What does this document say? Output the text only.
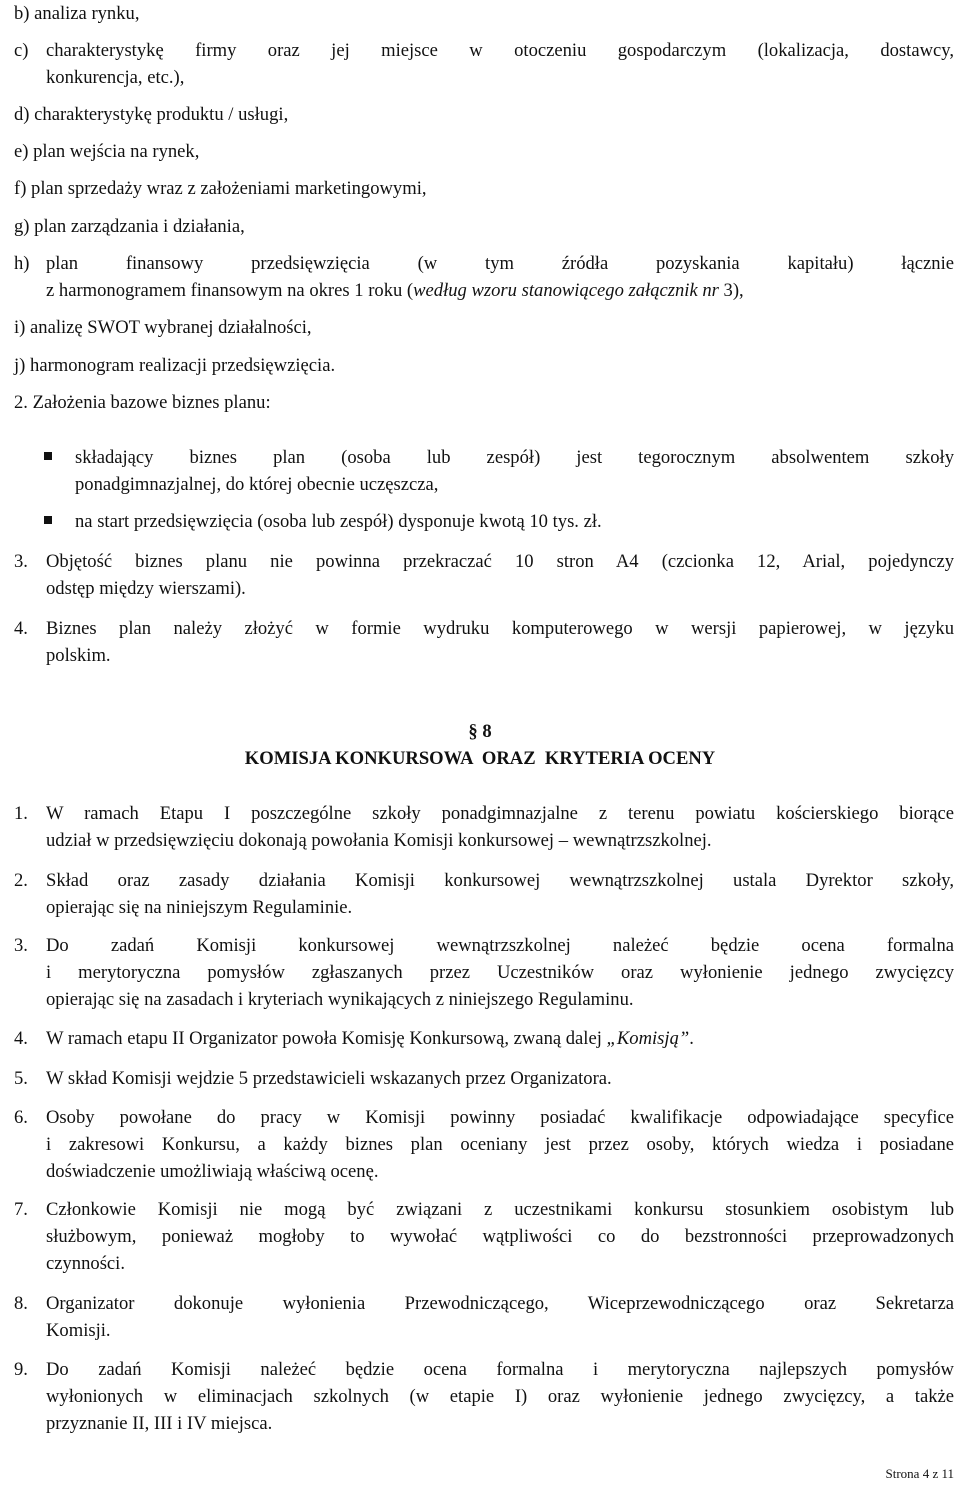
b) analiza rynku,
c) charakterystykę firmy oraz jej miejsce w otoczeniu gospodarczym (lokalizacja, dostawcy,
konkurencja, etc.),
d) charakterystykę produktu / usługi,
e) plan wejścia na rynek,
f) plan sprzedaży wraz z założeniami marketingowymi,
g) plan zarządzania i działania,
h) plan finansowy przedsięwzięcia (w tym źródła pozyskania kapitału) łącznie
z harmonogramem finansowym na okres 1 roku (według wzoru stanowiącego załącznik nr 3),
i) analizę SWOT wybranej działalności,
j) harmonogram realizacji przedsięwzięcia.
2. Założenia bazowe biznes planu:
składający biznes plan (osoba lub zespół) jest tegorocznym absolwentem szkoły
ponadgimnazjalnej, do której obecnie uczęszcza,
na start przedsięwzięcia (osoba lub zespół) dysponuje kwotą 10 tys. zł.
3. Objętość biznes planu nie powinna przekraczać 10 stron A4 (czcionka 12, Arial, pojedynczy
odstęp między wierszami).
4. Biznes plan należy złożyć w formie wydruku komputerowego w wersji papierowej, w języku
polskim.
§ 8
KOMISJA KONKURSOWA  ORAZ  KRYTERIA OCENY
1. W ramach Etapu I poszczególne szkoły ponadgimnazjalne z terenu powiatu kościerskiego biorące
udział w przedsięwzięciu dokonają powołania Komisji konkursowej – wewnątrzszkolnej.
2. Skład oraz zasady działania Komisji konkursowej wewnątrzszkolnej ustala Dyrektor szkoły,
opierając się na niniejszym Regulaminie.
3. Do zadań Komisji konkursowej wewnątrzszkolnej należeć będzie ocena formalna
i merytoryczna pomysłów zgłaszanych przez Uczestników oraz wyłonienie jednego zwycięzcy
opierając się na zasadach i kryteriach wynikających z niniejszego Regulaminu.
4. W ramach etapu II Organizator powoła Komisję Konkursową, zwaną dalej „Komisją”.
5. W skład Komisji wejdzie 5 przedstawicieli wskazanych przez Organizatora.
6. Osoby powołane do pracy w Komisji powinny posiadać kwalifikacje odpowiadające specyfice
i zakresowi Konkursu, a każdy biznes plan oceniany jest przez osoby, których wiedza i posiadane
doświadczenie umożliwiają właściwą ocenę.
7. Członkowie Komisji nie mogą być związani z uczestnikami konkursu stosunkiem osobistym lub
służbowym, ponieważ mogłoby to wywołać wątpliwości co do bezstronności przeprowadzonych
czynności.
8. Organizator dokonuje wyłonienia Przewodniczącego, Wiceprzewodniczącego oraz Sekretarza
Komisji.
9. Do zadań Komisji należeć będzie ocena formalna i merytoryczna najlepszych pomysłów
wyłonionych w eliminacjach szkolnych (w etapie I) oraz wyłonienie jednego zwycięzcy, a także
przyznanie II, III i IV miejsca.
Strona 4 z 11
